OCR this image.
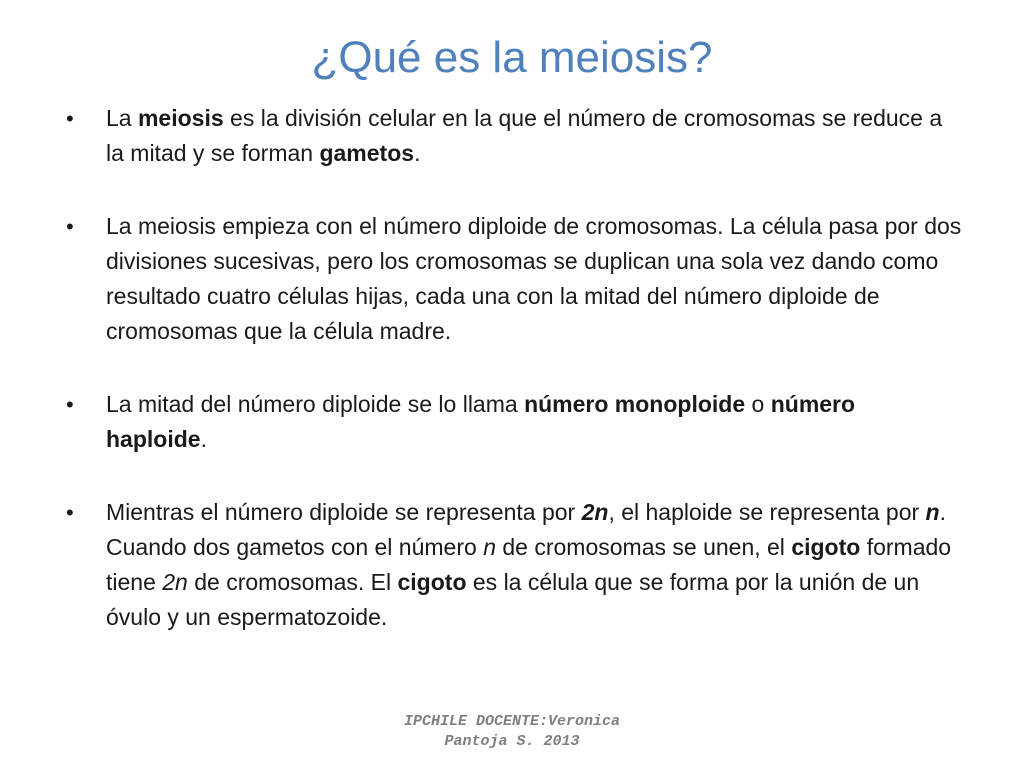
¿Qué es la meiosis?
• La meiosis es la división celular en la que el número de cromosomas se reduce a la mitad y se forman gametos.
• La meiosis empieza con el número diploide de cromosomas. La célula pasa por dos divisiones sucesivas, pero los cromosomas se duplican una sola vez dando como resultado cuatro células hijas, cada una con la mitad del número diploide de cromosomas que la célula madre.
• La mitad del número diploide se lo llama número monoploide o número haploide.
• Mientras el número diploide se representa por 2n, el haploide se representa por n. Cuando dos gametos con el número n de cromosomas se unen, el cigoto formado tiene 2n de cromosomas. El cigoto es la célula que se forma por la unión de un óvulo y un espermatozoide.
IPCHILE DOCENTE:Veronica
Pantoja S. 2013
